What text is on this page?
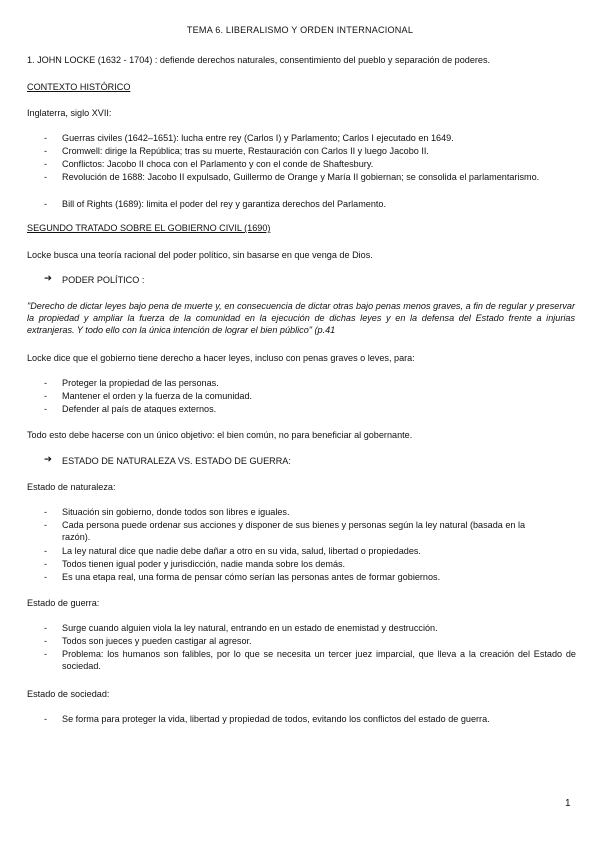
TEMA 6. LIBERALISMO Y ORDEN INTERNACIONAL
1. JOHN LOCKE (1632 - 1704) : defiende derechos naturales, consentimiento del pueblo y separación de poderes.
CONTEXTO HISTÓRICO
Inglaterra, siglo XVII:
- Guerras civiles (1642–1651): lucha entre rey (Carlos I) y Parlamento; Carlos I ejecutado en 1649.
- Cromwell: dirige la República; tras su muerte, Restauración con Carlos II y luego Jacobo II.
- Conflictos: Jacobo II choca con el Parlamento y con el conde de Shaftesbury.
- Revolución de 1688: Jacobo II expulsado, Guillermo de Orange y María II gobiernan; se consolida el parlamentarismo.
- Bill of Rights (1689): limita el poder del rey y garantiza derechos del Parlamento.
SEGUNDO TRATADO SOBRE EL GOBIERNO CIVIL (1690)
Locke busca una teoría racional del poder político, sin basarse en que venga de Dios.
➔ PODER POLÍTICO :
"Derecho de dictar leyes bajo pena de muerte y, en consecuencia de dictar otras bajo penas menos graves, a fin de regular y preservar la propiedad y ampliar la fuerza de la comunidad en la ejecución de dichas leyes y en la defensa del Estado frente a injurias extranjeras. Y todo ello con la única intención de lograr el bien público" (p.41
Locke dice que el gobierno tiene derecho a hacer leyes, incluso con penas graves o leves, para:
- Proteger la propiedad de las personas.
- Mantener el orden y la fuerza de la comunidad.
- Defender al país de ataques externos.
Todo esto debe hacerse con un único objetivo: el bien común, no para beneficiar al gobernante.
➔ ESTADO DE NATURALEZA VS. ESTADO DE GUERRA:
Estado de naturaleza:
- Situación sin gobierno, donde todos son libres e iguales.
- Cada persona puede ordenar sus acciones y disponer de sus bienes y personas según la ley natural (basada en la razón).
- La ley natural dice que nadie debe dañar a otro en su vida, salud, libertad o propiedades.
- Todos tienen igual poder y jurisdicción, nadie manda sobre los demás.
- Es una etapa real, una forma de pensar cómo serían las personas antes de formar gobiernos.
Estado de guerra:
- Surge cuando alguien viola la ley natural, entrando en un estado de enemistad y destrucción.
- Todos son jueces y pueden castigar al agresor.
- Problema: los humanos son falibles, por lo que se necesita un tercer juez imparcial, que lleva a la creación del Estado de sociedad.
Estado de sociedad:
- Se forma para proteger la vida, libertad y propiedad de todos, evitando los conflictos del estado de guerra.
1
